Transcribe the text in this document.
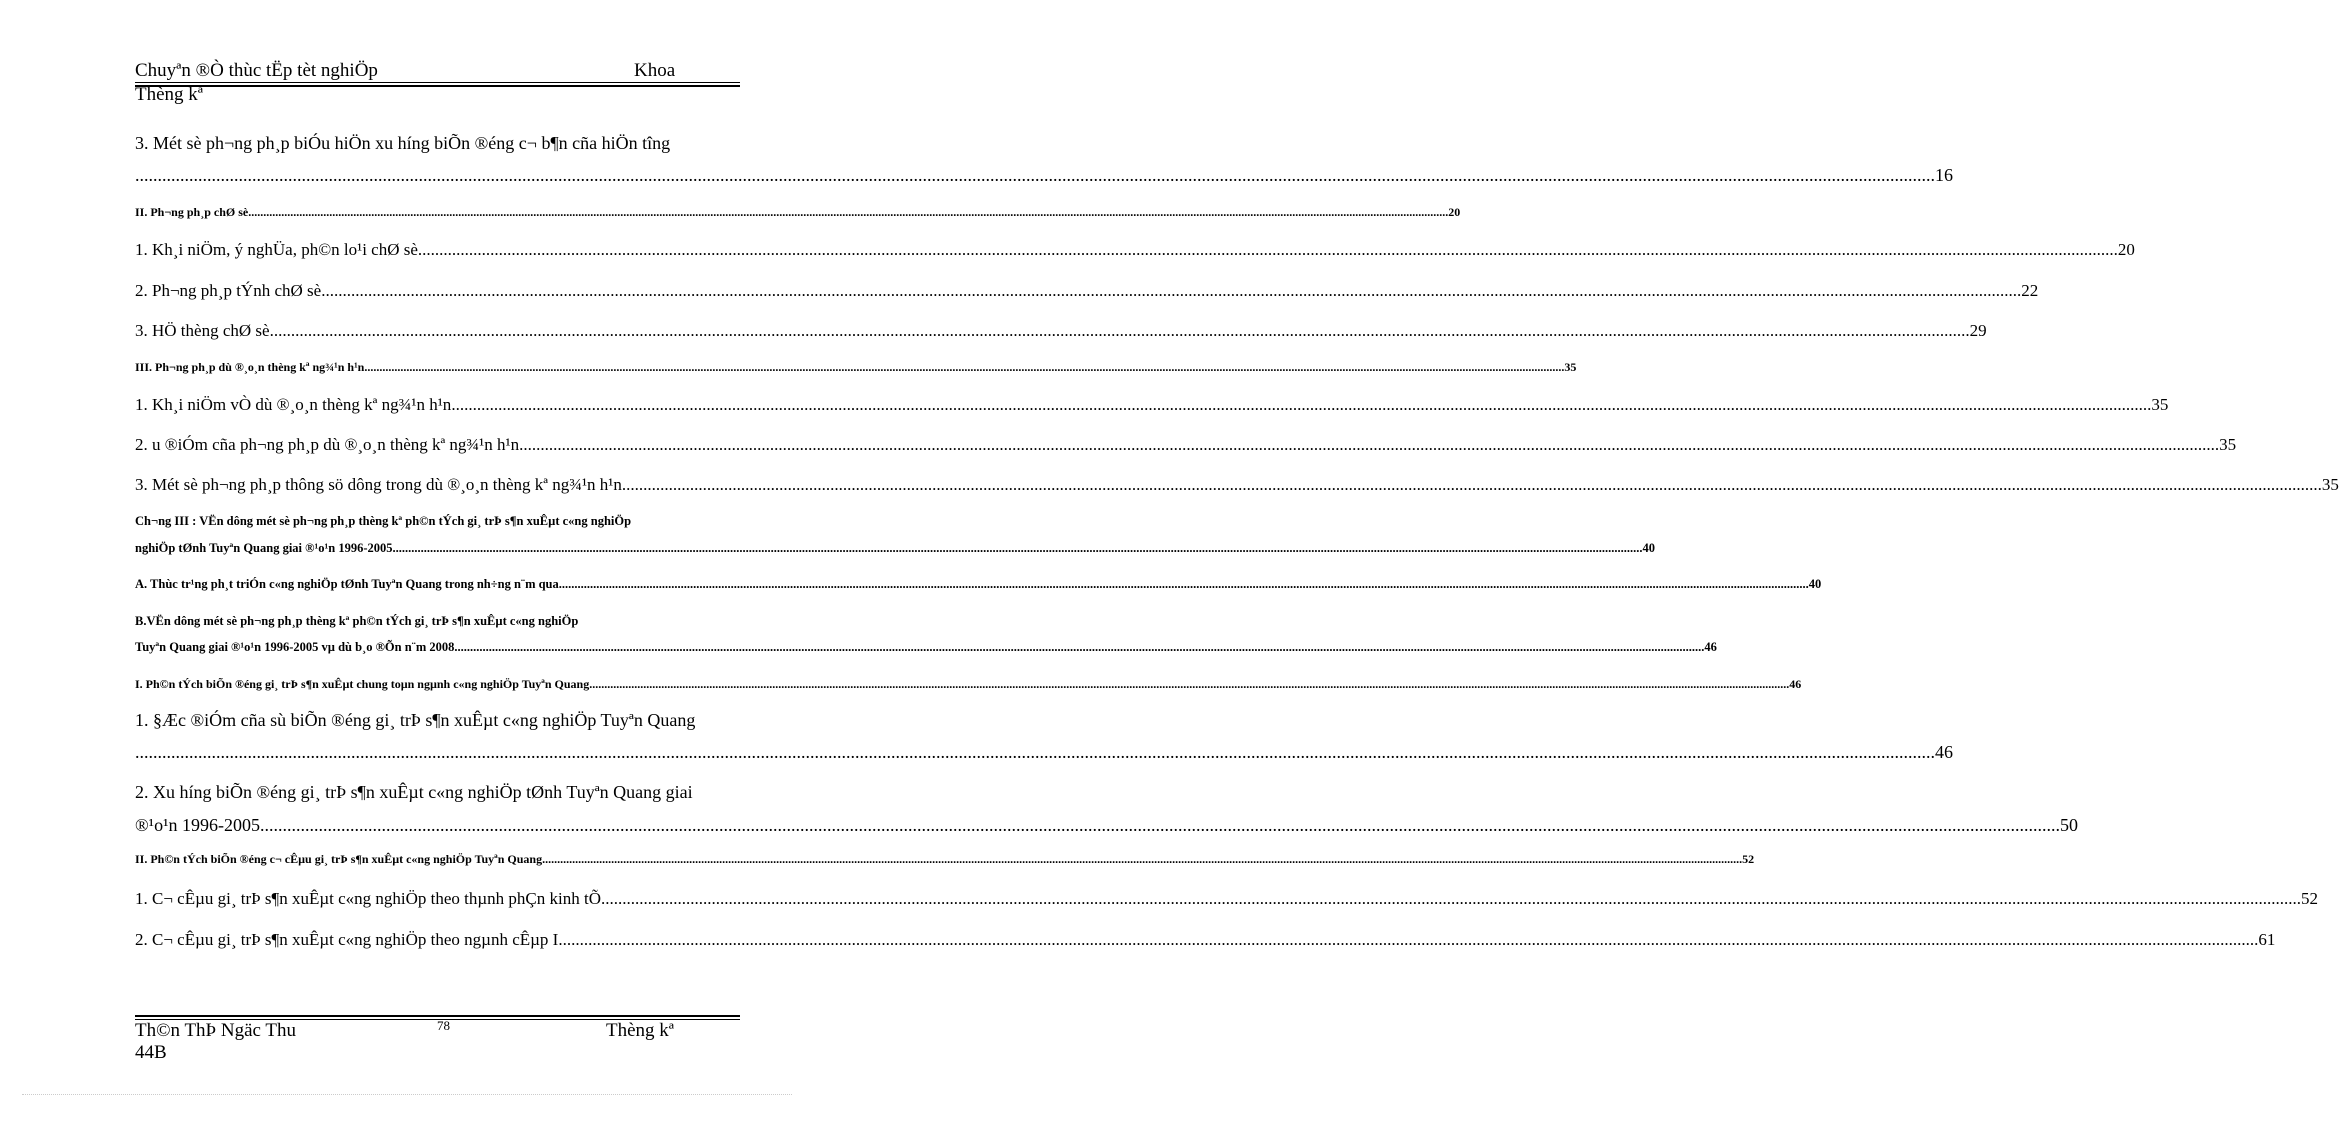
Chuyªn ®Ò thùc tËp tèt nghiÖp	Khoa
Thèng kª
3. Mét sè ph¬ng ph¸p biÓu hiÖn xu híng biÕn ®éng c¬ b¶n cña hiÖn tîng
................................................................................................................................................................................................................................................................................................................................................................................................................ 16
II. Ph¬ng ph¸p chØ sè ................................................................................................................................................................................................................................................................................................................................................................................................................ 20
1. Kh¸i niÖm, ý nghÜa, ph©n lo¹i chØ sè ................................................................................................................................................................................................................................................................................................................................................................................................................ 20
2. Ph¬ng ph¸p tÝnh chØ sè ................................................................................................................................................................................................................................................................................................................................................................................................................ 22
3. HÖ thèng chØ sè ................................................................................................................................................................................................................................................................................................................................................................................................................ 29
III. Ph¬ng ph¸p dù ®¸o¸n thèng kª ng¾¹n h¹n ................................................................................................................................................................................................................................................................................................................................................................................................................ 35
1. Kh¸i niÖm vÒ dù ®¸o¸n thèng kª ng¾¹n h¹n ................................................................................................................................................................................................................................................................................................................................................................................................................ 35
2. u ®iÓm cña ph¬ng ph¸p dù ®¸o¸n thèng kª ng¾¹n h¹n ................................................................................................................................................................................................................................................................................................................................................................................................................ 35
3. Mét sè ph¬ng ph¸p thông sö dông trong dù ®¸o¸n thèng kª ng¾¹n h¹n ................................................................................................................................................................................................................................................................................................................................................................................................................ 35
Ch¬ng III : VËn dông mét sè ph¬ng ph¸p thèng kª ph©n tÝch gi¸ trÞ s¶n xuÊµt c«ng nghiÖp
nghiÖp tØnh Tuyªn Quang giai ®¹o¹n 1996-2005 ................................................................................................................................................................................................................................................................................................................................................................................................................ 40
A. Thùc tr¹ng ph¸t triÓn c«ng nghiÖp tØnh Tuyªn Quang trong nh÷ng n¨m qua ................................................................................................................................................................................................................................................................................................................................................................................................................ 40
B.VËn dông mét sè ph¬ng ph¸p thèng kª ph©n tÝch gi¸ trÞ s¶n xuÊµt c«ng nghiÖp
Tuyªn Quang giai ®¹o¹n 1996-2005 vµ dù b¸o ®Õn n¨m 2008 ................................................................................................................................................................................................................................................................................................................................................................................................................ 46
I. Ph©n tÝch biÕn ®éng gi¸ trÞ s¶n xuÊµt chung toµn ngµnh c«ng nghiÖp Tuyªn Quang ................................................................................................................................................................................................................................................................................................................................................................................................................ 46
1. §Æc ®iÓm cña sù biÕn ®éng gi¸ trÞ s¶n xuÊµt c«ng nghiÖp Tuyªn Quang
................................................................................................................................................................................................................................................................................................................................................................................................................ 46
2. Xu híng biÕn ®éng gi¸ trÞ s¶n xuÊµt c«ng nghiÖp tØnh Tuyªn Quang giai
®¹o¹n 1996-2005 ................................................................................................................................................................................................................................................................................................................................................................................................................ 50
II. Ph©n tÝch biÕn ®éng c¬ cÊµu gi¸ trÞ s¶n xuÊµt c«ng nghiÖp Tuyªn Quang ................................................................................................................................................................................................................................................................................................................................................................................................................ 52
1. C¬ cÊµu gi¸ trÞ s¶n xuÊµt c«ng nghiÖp theo thµnh phÇn kinh tÕ ................................................................................................................................................................................................................................................................................................................................................................................................................ 52
2. C¬ cÊµu gi¸ trÞ s¶n xuÊµt c«ng nghiÖp theo ngµnh cÊµp I ................................................................................................................................................................................................................................................................................................................................................................................................................ 61
Th©n ThÞ Ngäc Thu	78	Thèng kª
44B
